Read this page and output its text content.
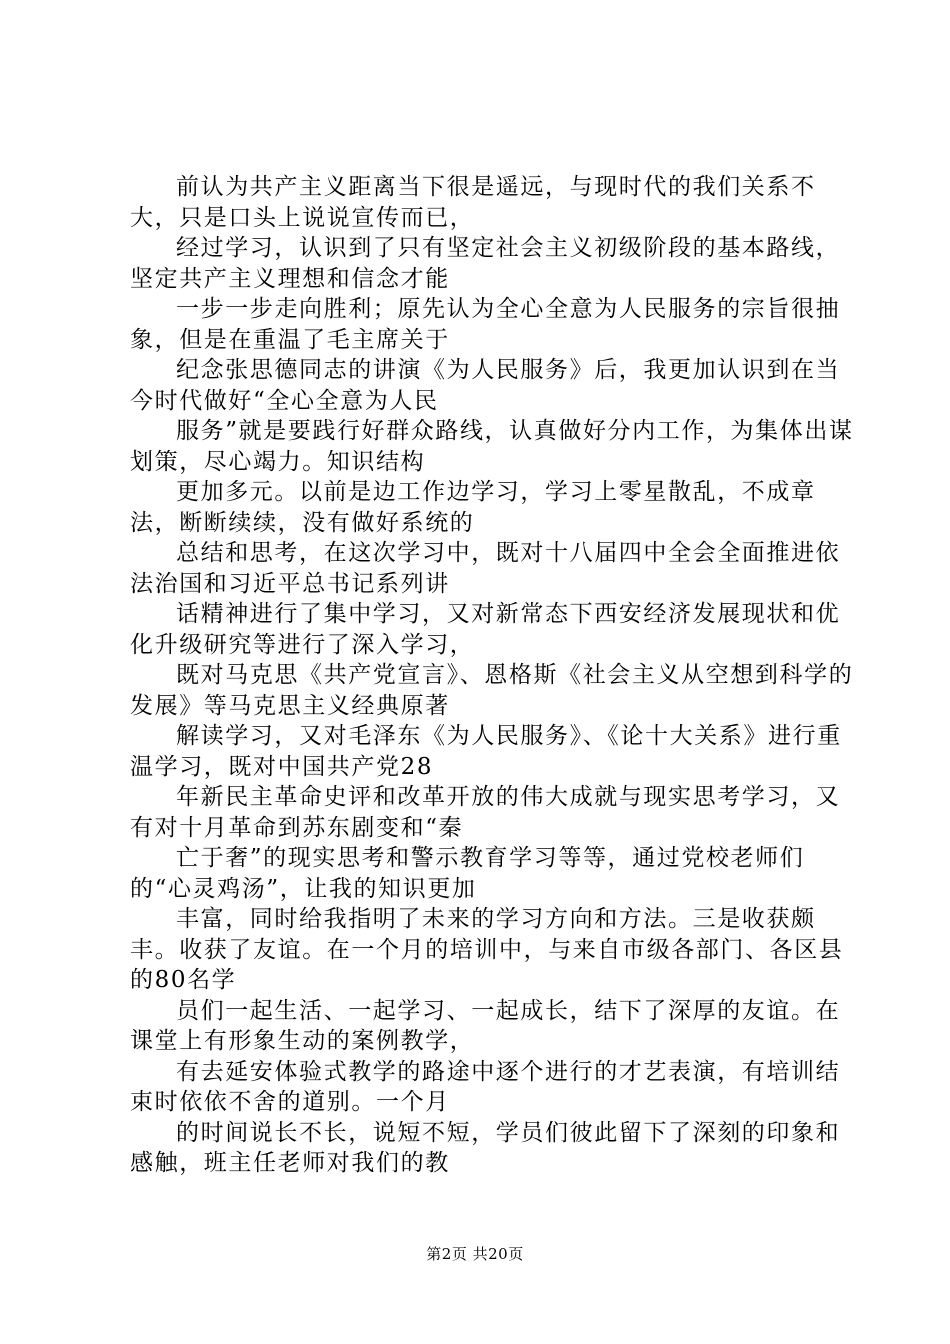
前认为共产主义距离当下很是遥远，与现时代的我们关系不大，只是口头上说说宣传而已，

经过学习，认识到了只有坚定社会主义初级阶段的基本路线，坚定共产主义理想和信念才能

一步一步走向胜利；原先认为全心全意为人民服务的宗旨很抽象，但是在重温了毛主席关于

纪念张思德同志的讲演《为人民服务》后，我更加认识到在当今时代做好“全心全意为人民

服务”就是要践行好群众路线，认真做好分内工作，为集体出谋划策，尽心竭力。知识结构

更加多元。以前是边工作边学习，学习上零星散乱，不成章法，断断续续，没有做好系统的

总结和思考，在这次学习中，既对十八届四中全会全面推进依法治国和习近平总书记系列讲

话精神进行了集中学习，又对新常态下西安经济发展现状和优化升级研究等进行了深入学习，

既对马克思《共产党宣言》、恩格斯《社会主义从空想到科学的发展》等马克思主义经典原著

解读学习，又对毛泽东《为人民服务》、《论十大关系》进行重温学习，既对中国共产党28

年新民主革命史评和改革开放的伟大成就与现实思考学习，又有对十月革命到苏东剧变和“秦

亡于奢”的现实思考和警示教育学习等等，通过党校老师们的“心灵鸡汤”，让我的知识更加

丰富，同时给我指明了未来的学习方向和方法。三是收获颇丰。收获了友谊。在一个月的培训中，与来自市级各部门、各区县的80名学

员们一起生活、一起学习、一起成长，结下了深厚的友谊。在课堂上有形象生动的案例教学，

有去延安体验式教学的路途中逐个进行的才艺表演，有培训结束时依依不舍的道别。一个月

的时间说长不长，说短不短，学员们彼此留下了深刻的印象和感触，班主任老师对我们的教

第2页 共20页
